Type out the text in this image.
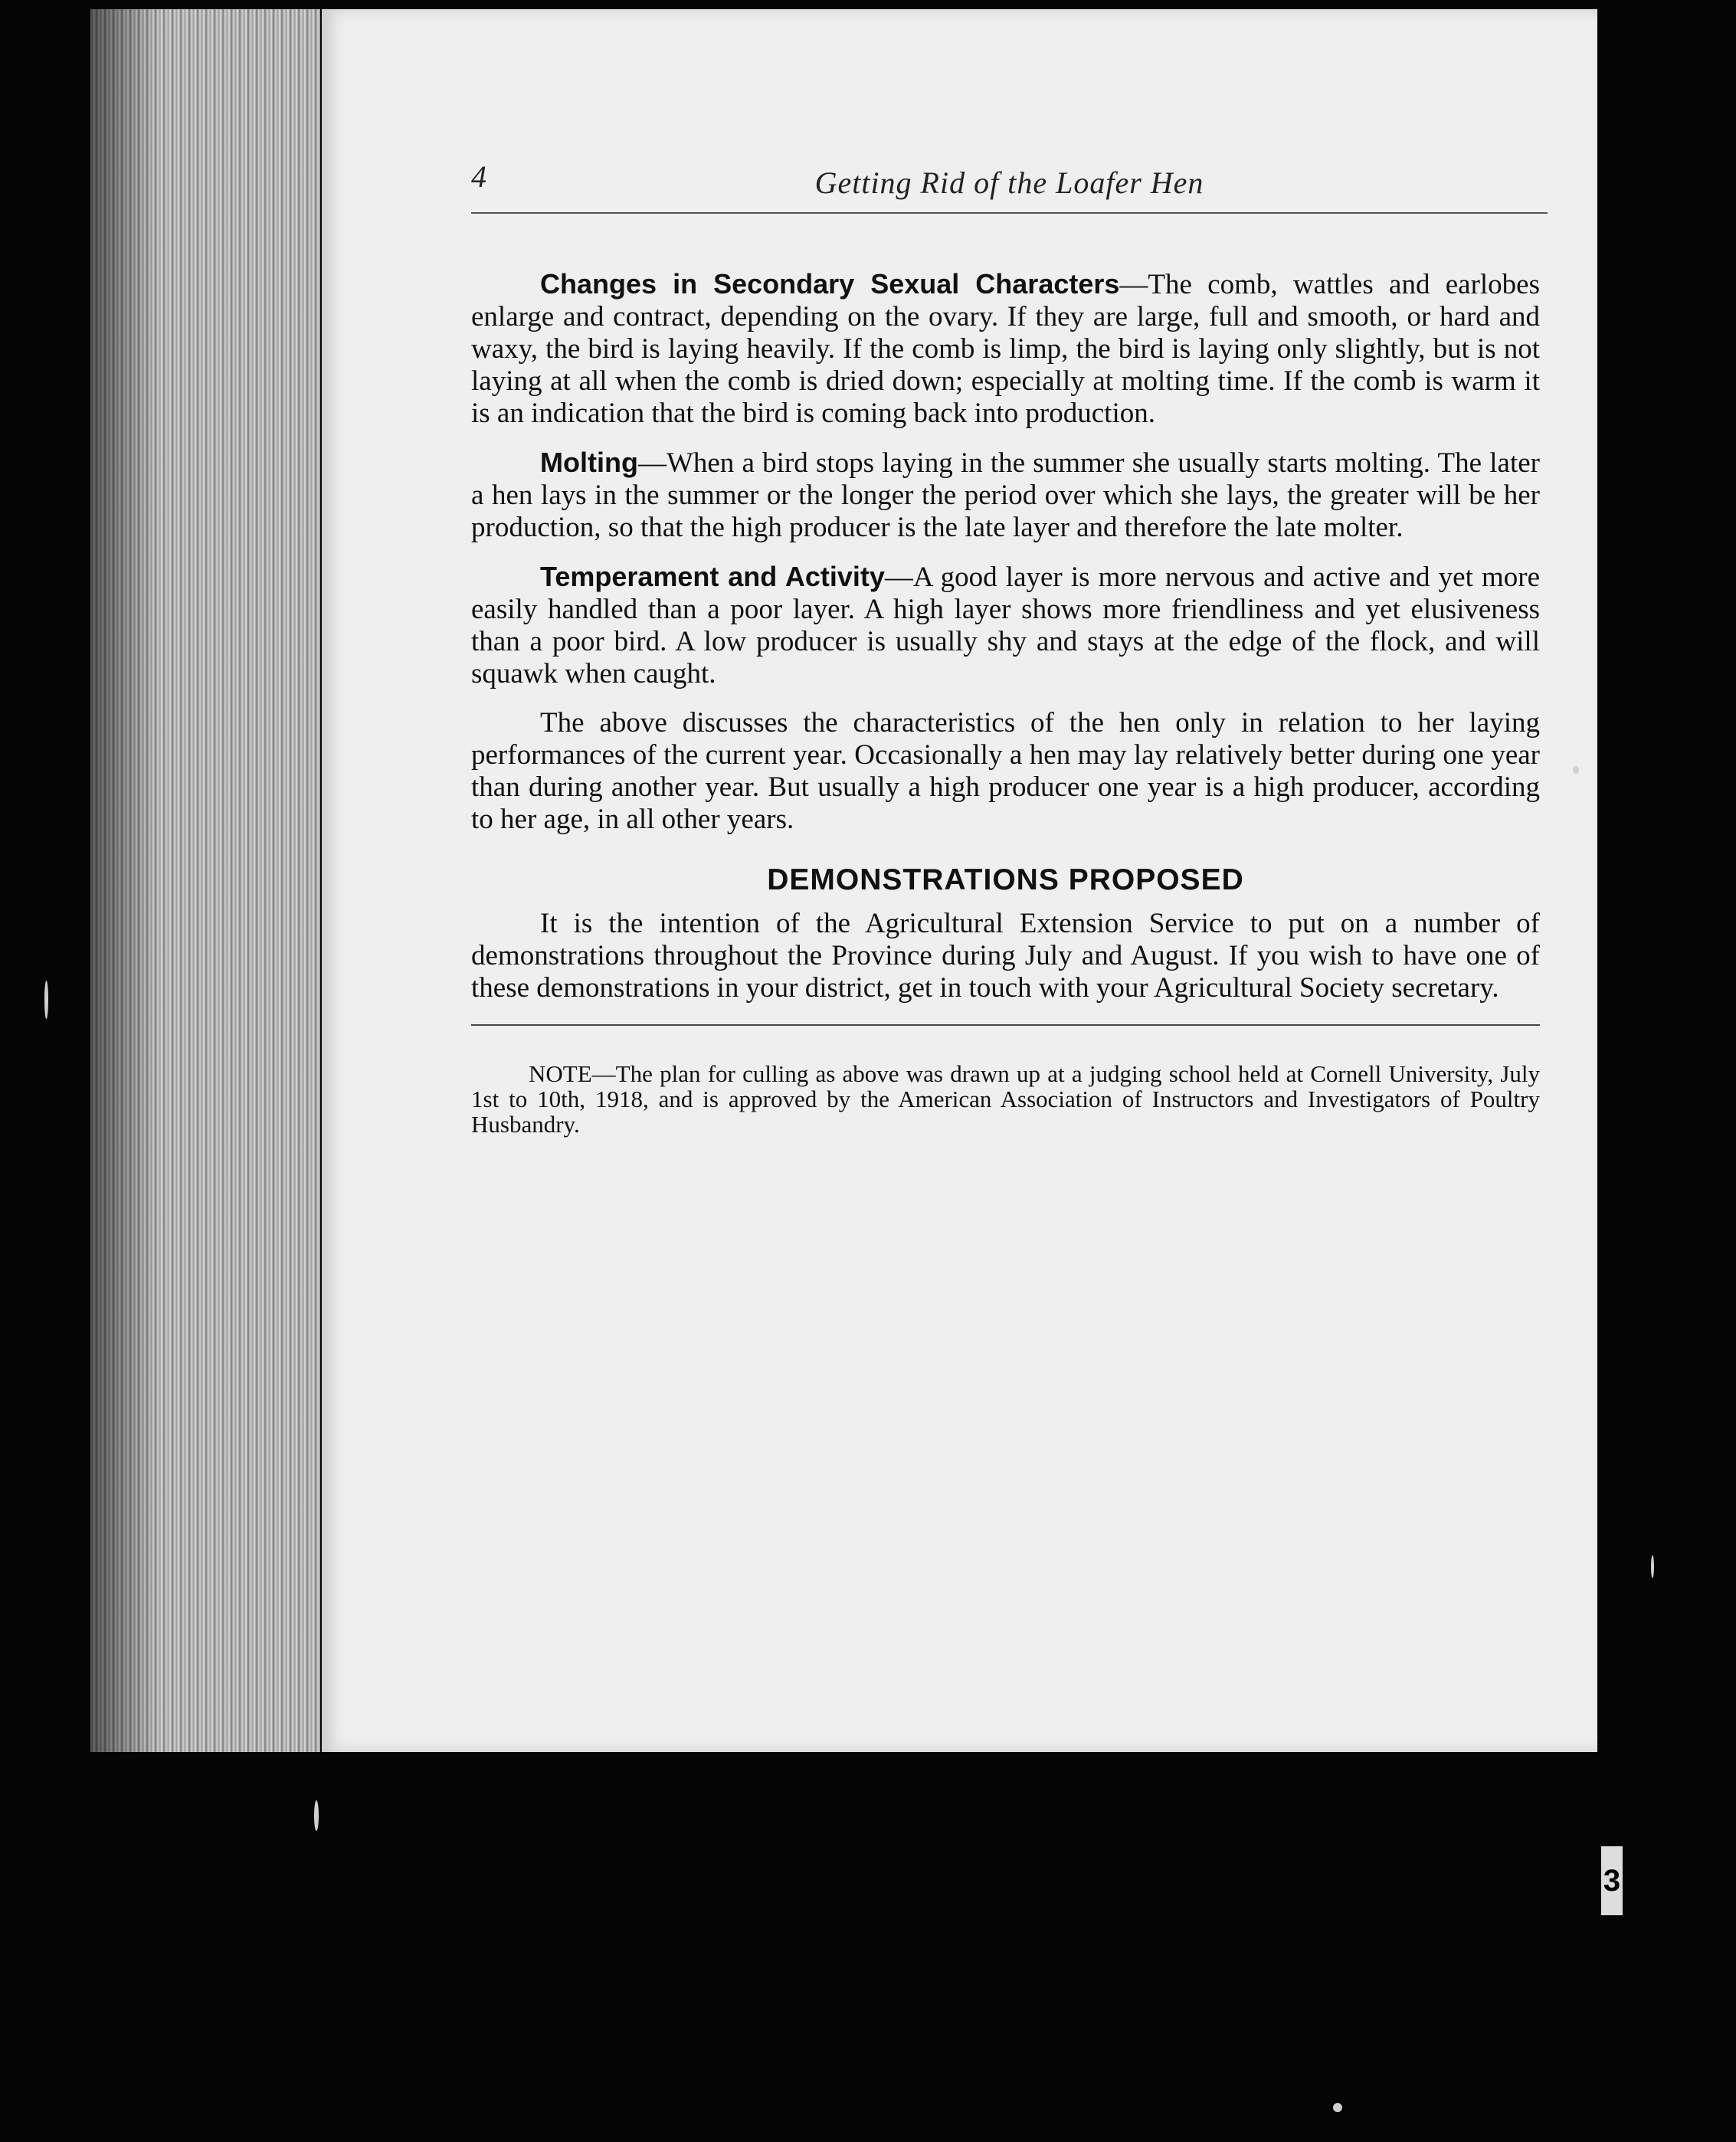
4	Getting Rid of the Loafer Hen

Changes in Secondary Sexual Characters—The comb, wattles and earlobes enlarge and contract, depending on the ovary. If they are large, full and smooth, or hard and waxy, the bird is laying heavily. If the comb is limp, the bird is laying only slightly, but is not laying at all when the comb is dried down; especially at molting time. If the comb is warm it is an indication that the bird is coming back into production.

Molting—When a bird stops laying in the summer she usually starts molting. The later a hen lays in the summer or the longer the period over which she lays, the greater will be her production, so that the high producer is the late layer and therefore the late molter.

Temperament and Activity—A good layer is more nervous and active and yet more easily handled than a poor layer. A high layer shows more friendliness and yet elusiveness than a poor bird. A low producer is usually shy and stays at the edge of the flock, and will squawk when caught.

The above discusses the characteristics of the hen only in relation to her laying performances of the current year. Occasionally a hen may lay relatively better during one year than during another year. But usually a high producer one year is a high producer, according to her age, in all other years.

DEMONSTRATIONS PROPOSED

It is the intention of the Agricultural Extension Service to put on a number of demonstrations throughout the Province during July and August. If you wish to have one of these demonstrations in your district, get in touch with your Agricultural Society secretary.

NOTE—The plan for culling as above was drawn up at a judging school held at Cornell University, July 1st to 10th, 1918, and is approved by the American Association of Instructors and Investigators of Poultry Husbandry.

3
